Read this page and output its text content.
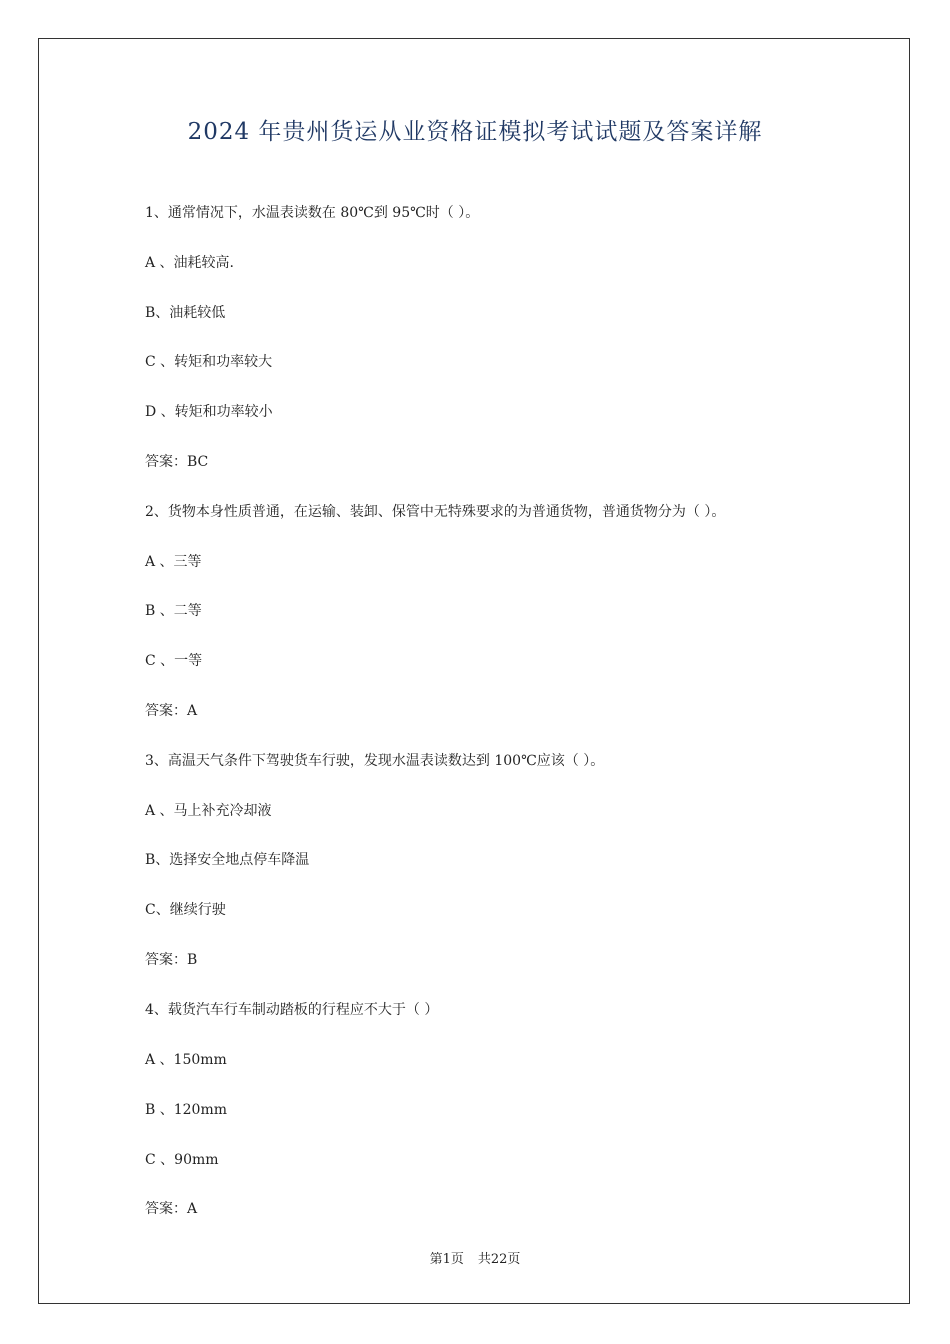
2024 年贵州货运从业资格证模拟考试试题及答案详解
1、通常情况下，水温表读数在 80℃到 95℃时（ ）。
A 、油耗较高.
B、油耗较低
C 、转矩和功率较大
D 、转矩和功率较小
答案：BC
2、货物本身性质普通，在运输、装卸、保管中无特殊要求的为普通货物，普通货物分为（ ）。
A 、三等
B 、二等
C 、一等
答案：A
3、高温天气条件下驾驶货车行驶，发现水温表读数达到 100℃应该（ ）。
A 、马上补充冷却液
B、选择安全地点停车降温
C、继续行驶
答案：B
4、载货汽车行车制动踏板的行程应不大于（ ）
A 、150mm
B 、120mm
C 、90mm
答案：A
第1页 共22页
